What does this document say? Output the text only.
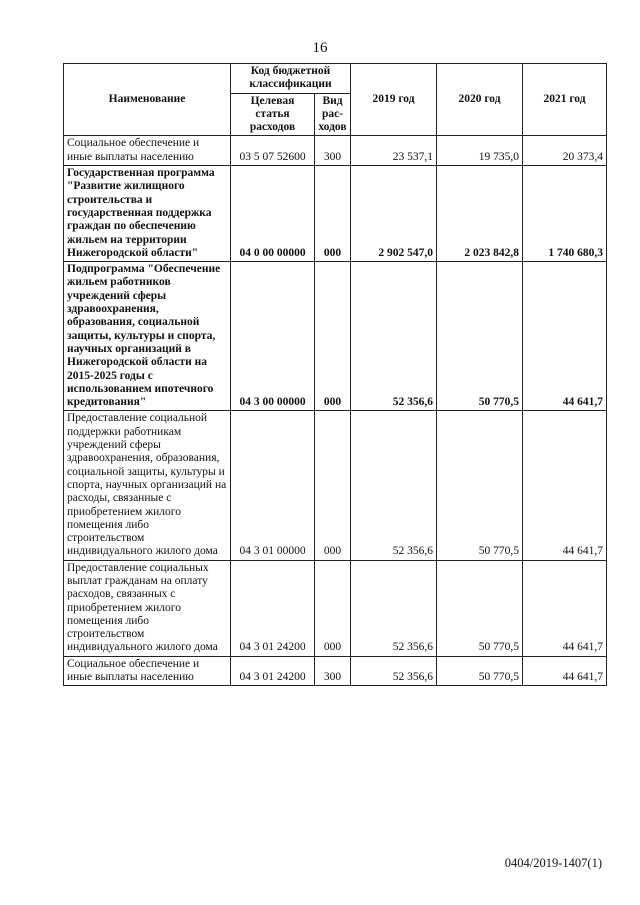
16
Наименование	Код бюджетной классификации		2019 год	2020 год	2021 год
	Целевая статья расходов	Вид рас- ходов			
Социальное обеспечение и иные выплаты населению	03 5 07 52600	300	23 537,1	19 735,0	20 373,4
Государственная программа "Развитие жилищного строительства и государственная поддержка граждан по обеспечению жильем на территории Нижегородской области"	04 0 00 00000	000	2 902 547,0	2 023 842,8	1 740 680,3
Подпрограмма "Обеспечение жильем работников учреждений сферы здравоохранения, образования, социальной защиты, культуры и спорта, научных организаций в Нижегородской области на 2015-2025 годы с использованием ипотечного кредитования"	04 3 00 00000	000	52 356,6	50 770,5	44 641,7
Предоставление социальной поддержки работникам учреждений сферы здравоохранения, образования, социальной защиты, культуры и спорта, научных организаций на расходы, связанные с приобретением жилого помещения либо строительством индивидуального жилого дома	04 3 01 00000	000	52 356,6	50 770,5	44 641,7
Предоставление социальных выплат гражданам на оплату расходов, связанных с приобретением жилого помещения либо строительством индивидуального жилого дома	04 3 01 24200	000	52 356,6	50 770,5	44 641,7
Социальное обеспечение и иные выплаты населению	04 3 01 24200	300	52 356,6	50 770,5	44 641,7
0404/2019-1407(1)
